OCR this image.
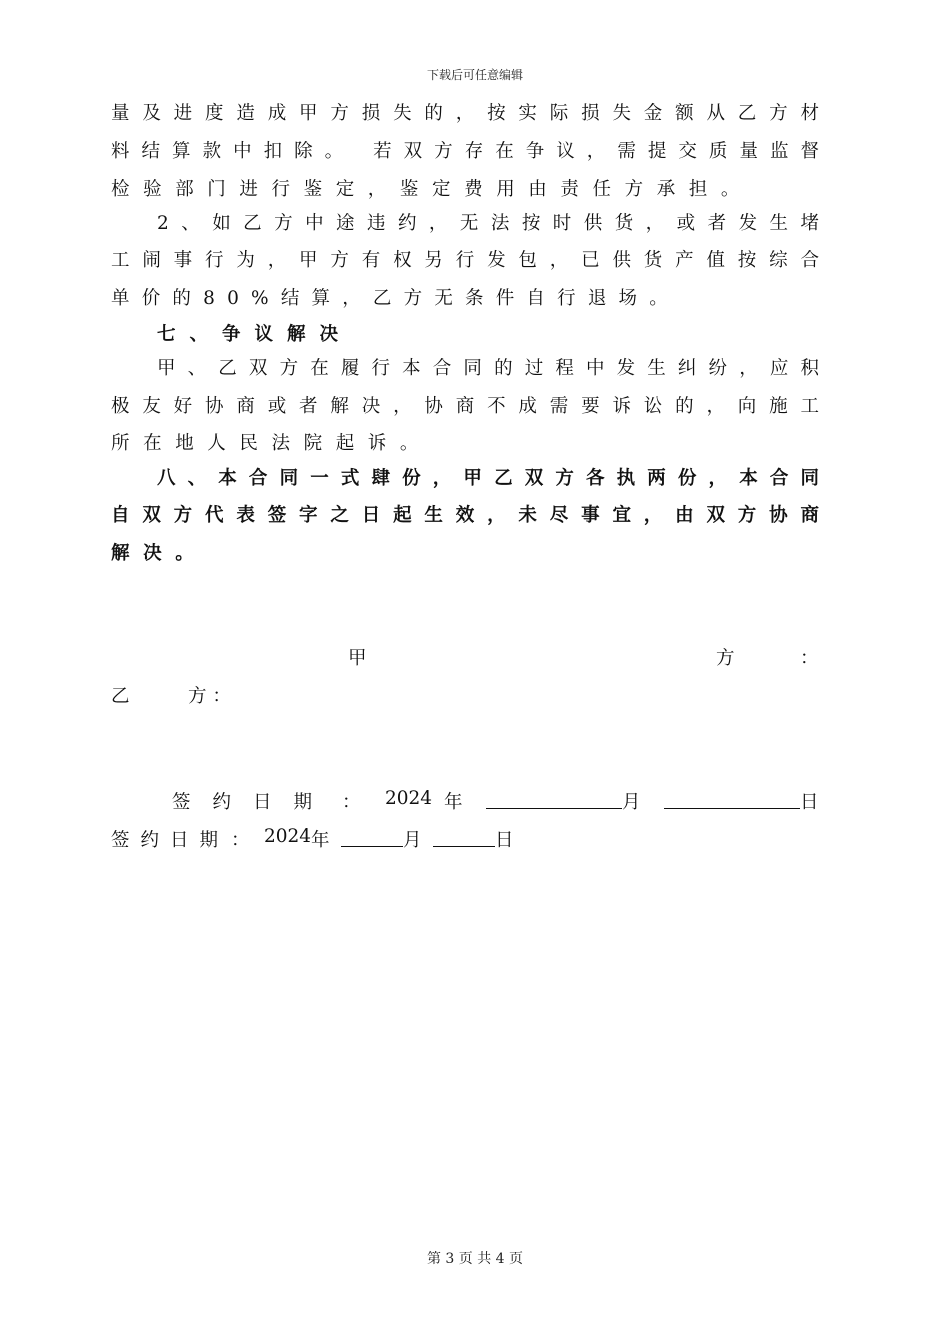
下载后可任意编辑
量及进度造成甲方损失的，按实际损失金额从乙方材
料结算款中扣除。 若双方存在争议，需提交质量监督
检验部门进行鉴定，鉴定费用由责任方承担。
2、如乙方中途违约，无法按时供货，或者发生堵
工闹事行为，甲方有权另行发包，已供货产值按综合
单价的80%结算，乙方无条件自行退场。
七、争议解决
甲、乙双方在履行本合同的过程中发生纠纷，应积
极友好协商或者解决，协商不成需要诉讼的，向施工
所在地人民法院起诉。
八、本合同一式肆份，甲乙双方各执两份，本合同
自双方代表签字之日起生效，未尽事宜，由双方协商
解决。
甲	方	：
乙	方 ：
签约日期 ： 2024 年	月	日
签约日期 ： 2024 年	月	日
第 3 页 共 4 页
